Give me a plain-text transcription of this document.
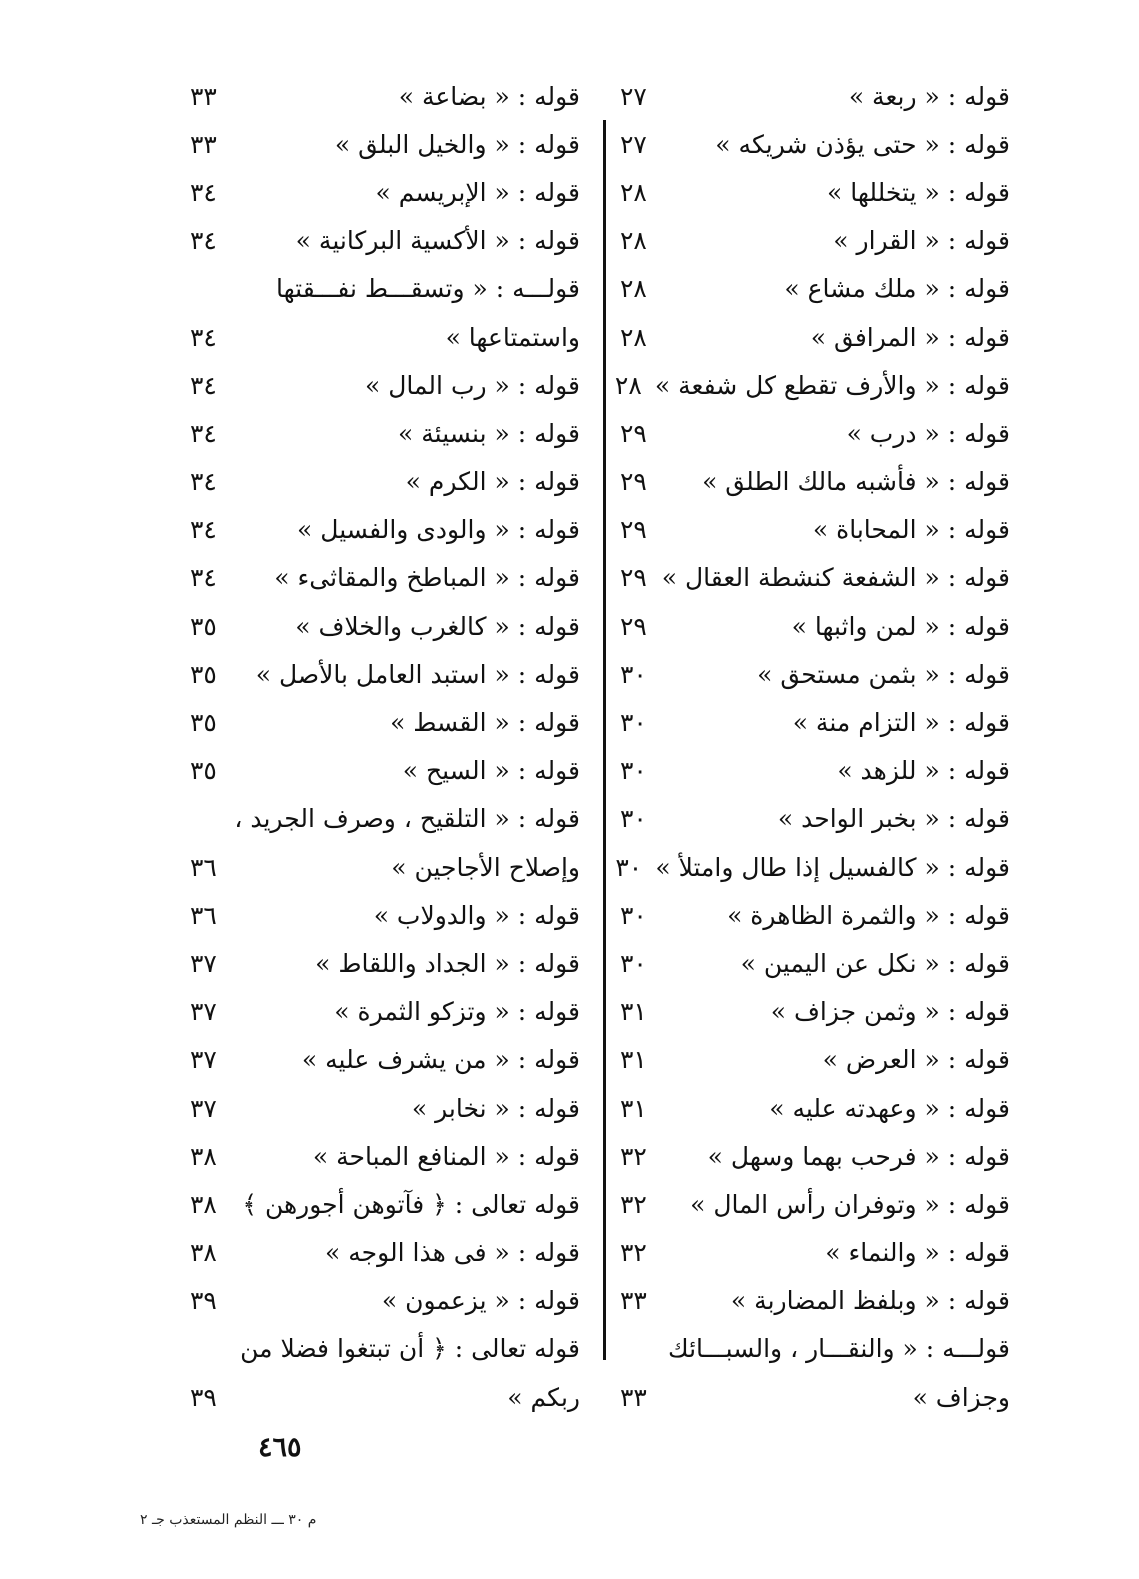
قوله : « ربعة »
٢٧
قوله : « حتى يؤذن شريكه »
٢٧
قوله : « يتخللها »
٢٨
قوله : « القرار »
٢٨
قوله : « ملك مشاع »
٢٨
قوله : « المرافق »
٢٨
قوله : « والأرف تقطع كل شفعة »
٢٨
قوله : « درب »
٢٩
قوله : « فأشبه مالك الطلق »
٢٩
قوله : « المحاباة »
٢٩
قوله : « الشفعة كنشطة العقال »
٢٩
قوله : « لمن واثبها »
٢٩
قوله : « بثمن مستحق »
٣٠
قوله : « التزام منة »
٣٠
قوله : « للزهد »
٣٠
قوله : « بخبر الواحد »
٣٠
قوله : « كالفسيل إذا طال وامتلأ »
٣٠
قوله : « والثمرة الظاهرة »
٣٠
قوله : « نكل عن اليمين »
٣٠
قوله : « وثمن جزاف »
٣١
قوله : « العرض »
٣١
قوله : « وعهدته عليه »
٣١
قوله : « فرحب بهما وسهل »
٣٢
قوله : « وتوفران رأس المال »
٣٢
قوله : « والنماء »
٣٢
قوله : « وبلفظ المضاربة »
٣٣
قولـــه : « والنقـــار ، والسبـــائك
وجزاف »
٣٣
قوله : « بضاعة »
٣٣
قوله : « والخيل البلق »
٣٣
قوله : « الإبريسم »
٣٤
قوله : « الأكسية البركانية »
٣٤
قولـــه : « وتسقـــط نفـــقتها
واستمتاعها »
٣٤
قوله : « رب المال »
٣٤
قوله : « بنسيئة »
٣٤
قوله : « الكرم »
٣٤
قوله : « والودى والفسيل »
٣٤
قوله : « المباطخ والمقاثىء »
٣٤
قوله : « كالغرب والخلاف »
٣٥
قوله : « استبد العامل بالأصل »
٣٥
قوله : « القسط »
٣٥
قوله : « السيح »
٣٥
قوله : « التلقيح ، وصرف الجريد ،
وإصلاح الأجاجين »
٣٦
قوله : « والدولاب »
٣٦
قوله : « الجداد واللقاط »
٣٧
قوله : « وتزكو الثمرة »
٣٧
قوله : « من يشرف عليه »
٣٧
قوله : « نخابر »
٣٧
قوله : « المنافع المباحة »
٣٨
قوله تعالى : ﴿ فآتوهن أجورهن ﴾
٣٨
قوله : « فى هذا الوجه »
٣٨
قوله : « يزعمون »
٣٩
قوله تعالى : ﴿ أن تبتغوا فضلا من
ربكم »
٣٩
٤٦٥
م ٣٠ ـــ النظم المستعذب جـ ٢
